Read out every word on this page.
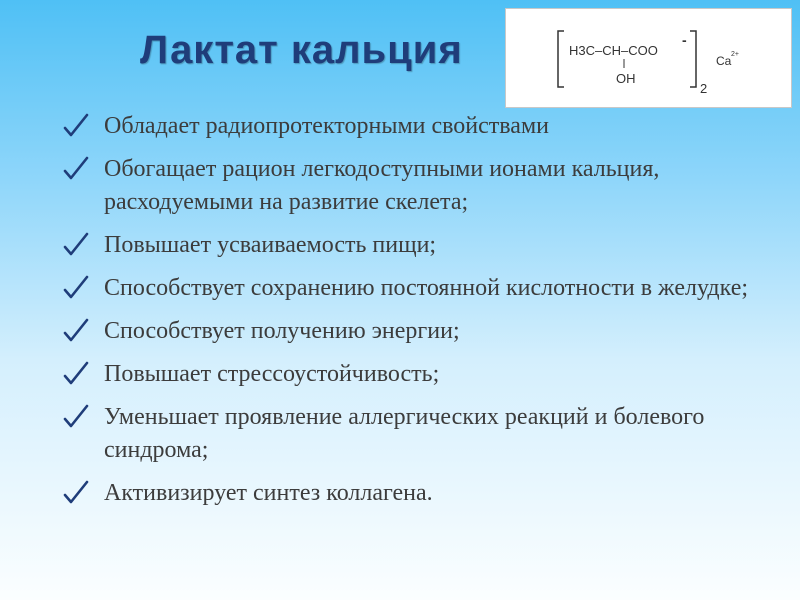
Лактат кальция	H3C–CH–COO
-
OH
2
Ca 2+
Обладает радиопротекторными свойствами
Обогащает рацион легкодоступными ионами кальция, расходуемыми на развитие скелета;
Повышает усваиваемость пищи;
Способствует сохранению постоянной кислотности в желудке;
Способствует получению энергии;
Повышает стрессоустойчивость;
Уменьшает проявление аллергических реакций и болевого синдрома;
Активизирует синтез коллагена.
